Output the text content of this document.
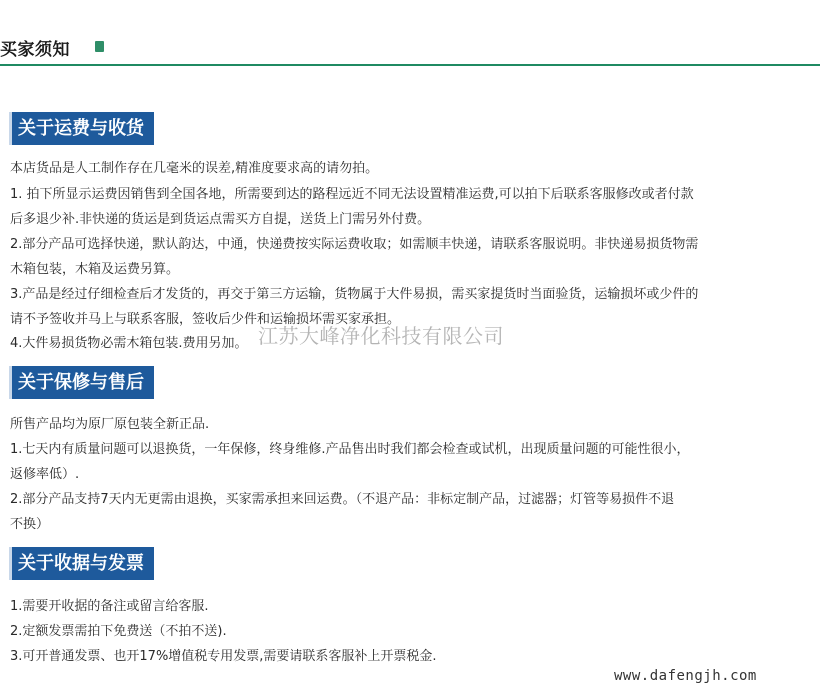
买家须知
关于运费与收货
本店货品是人工制作存在几毫米的误差,精准度要求高的请勿拍。
1. 拍下所显示运费因销售到全国各地，所需要到达的路程远近不同无法设置精准运费,可以拍下后联系客服修改或者付款
后多退少补.非快递的货运是到货运点需买方自提，送货上门需另外付费。
2.部分产品可选择快递，默认韵达，中通，快递费按实际运费收取；如需顺丰快递，请联系客服说明。非快递易损货物需
木箱包装，木箱及运费另算。
3.产品是经过仔细检查后才发货的，再交于第三方运输，货物属于大件易损，需买家提货时当面验货，运输损坏或少件的
请不予签收并马上与联系客服，签收后少件和运输损坏需买家承担。
4.大件易损货物必需木箱包装.费用另加。
关于保修与售后
所售产品均为原厂原包装全新正品.
1.七天内有质量问题可以退换货，一年保修，终身维修.产品售出时我们都会检查或试机，出现质量问题的可能性很小，
返修率低）.
2.部分产品支持7天内无更需由退换，买家需承担来回运费。（不退产品：非标定制产品，过滤器；灯管等易损件不退
不换）
关于收据与发票
1.需要开收据的备注或留言给客服.
2.定额发票需拍下免费送（不拍不送).
3.可开普通发票、也开17%增值税专用发票,需要请联系客服补上开票税金.
江苏大峰净化科技有限公司
www.dafengjh.com
